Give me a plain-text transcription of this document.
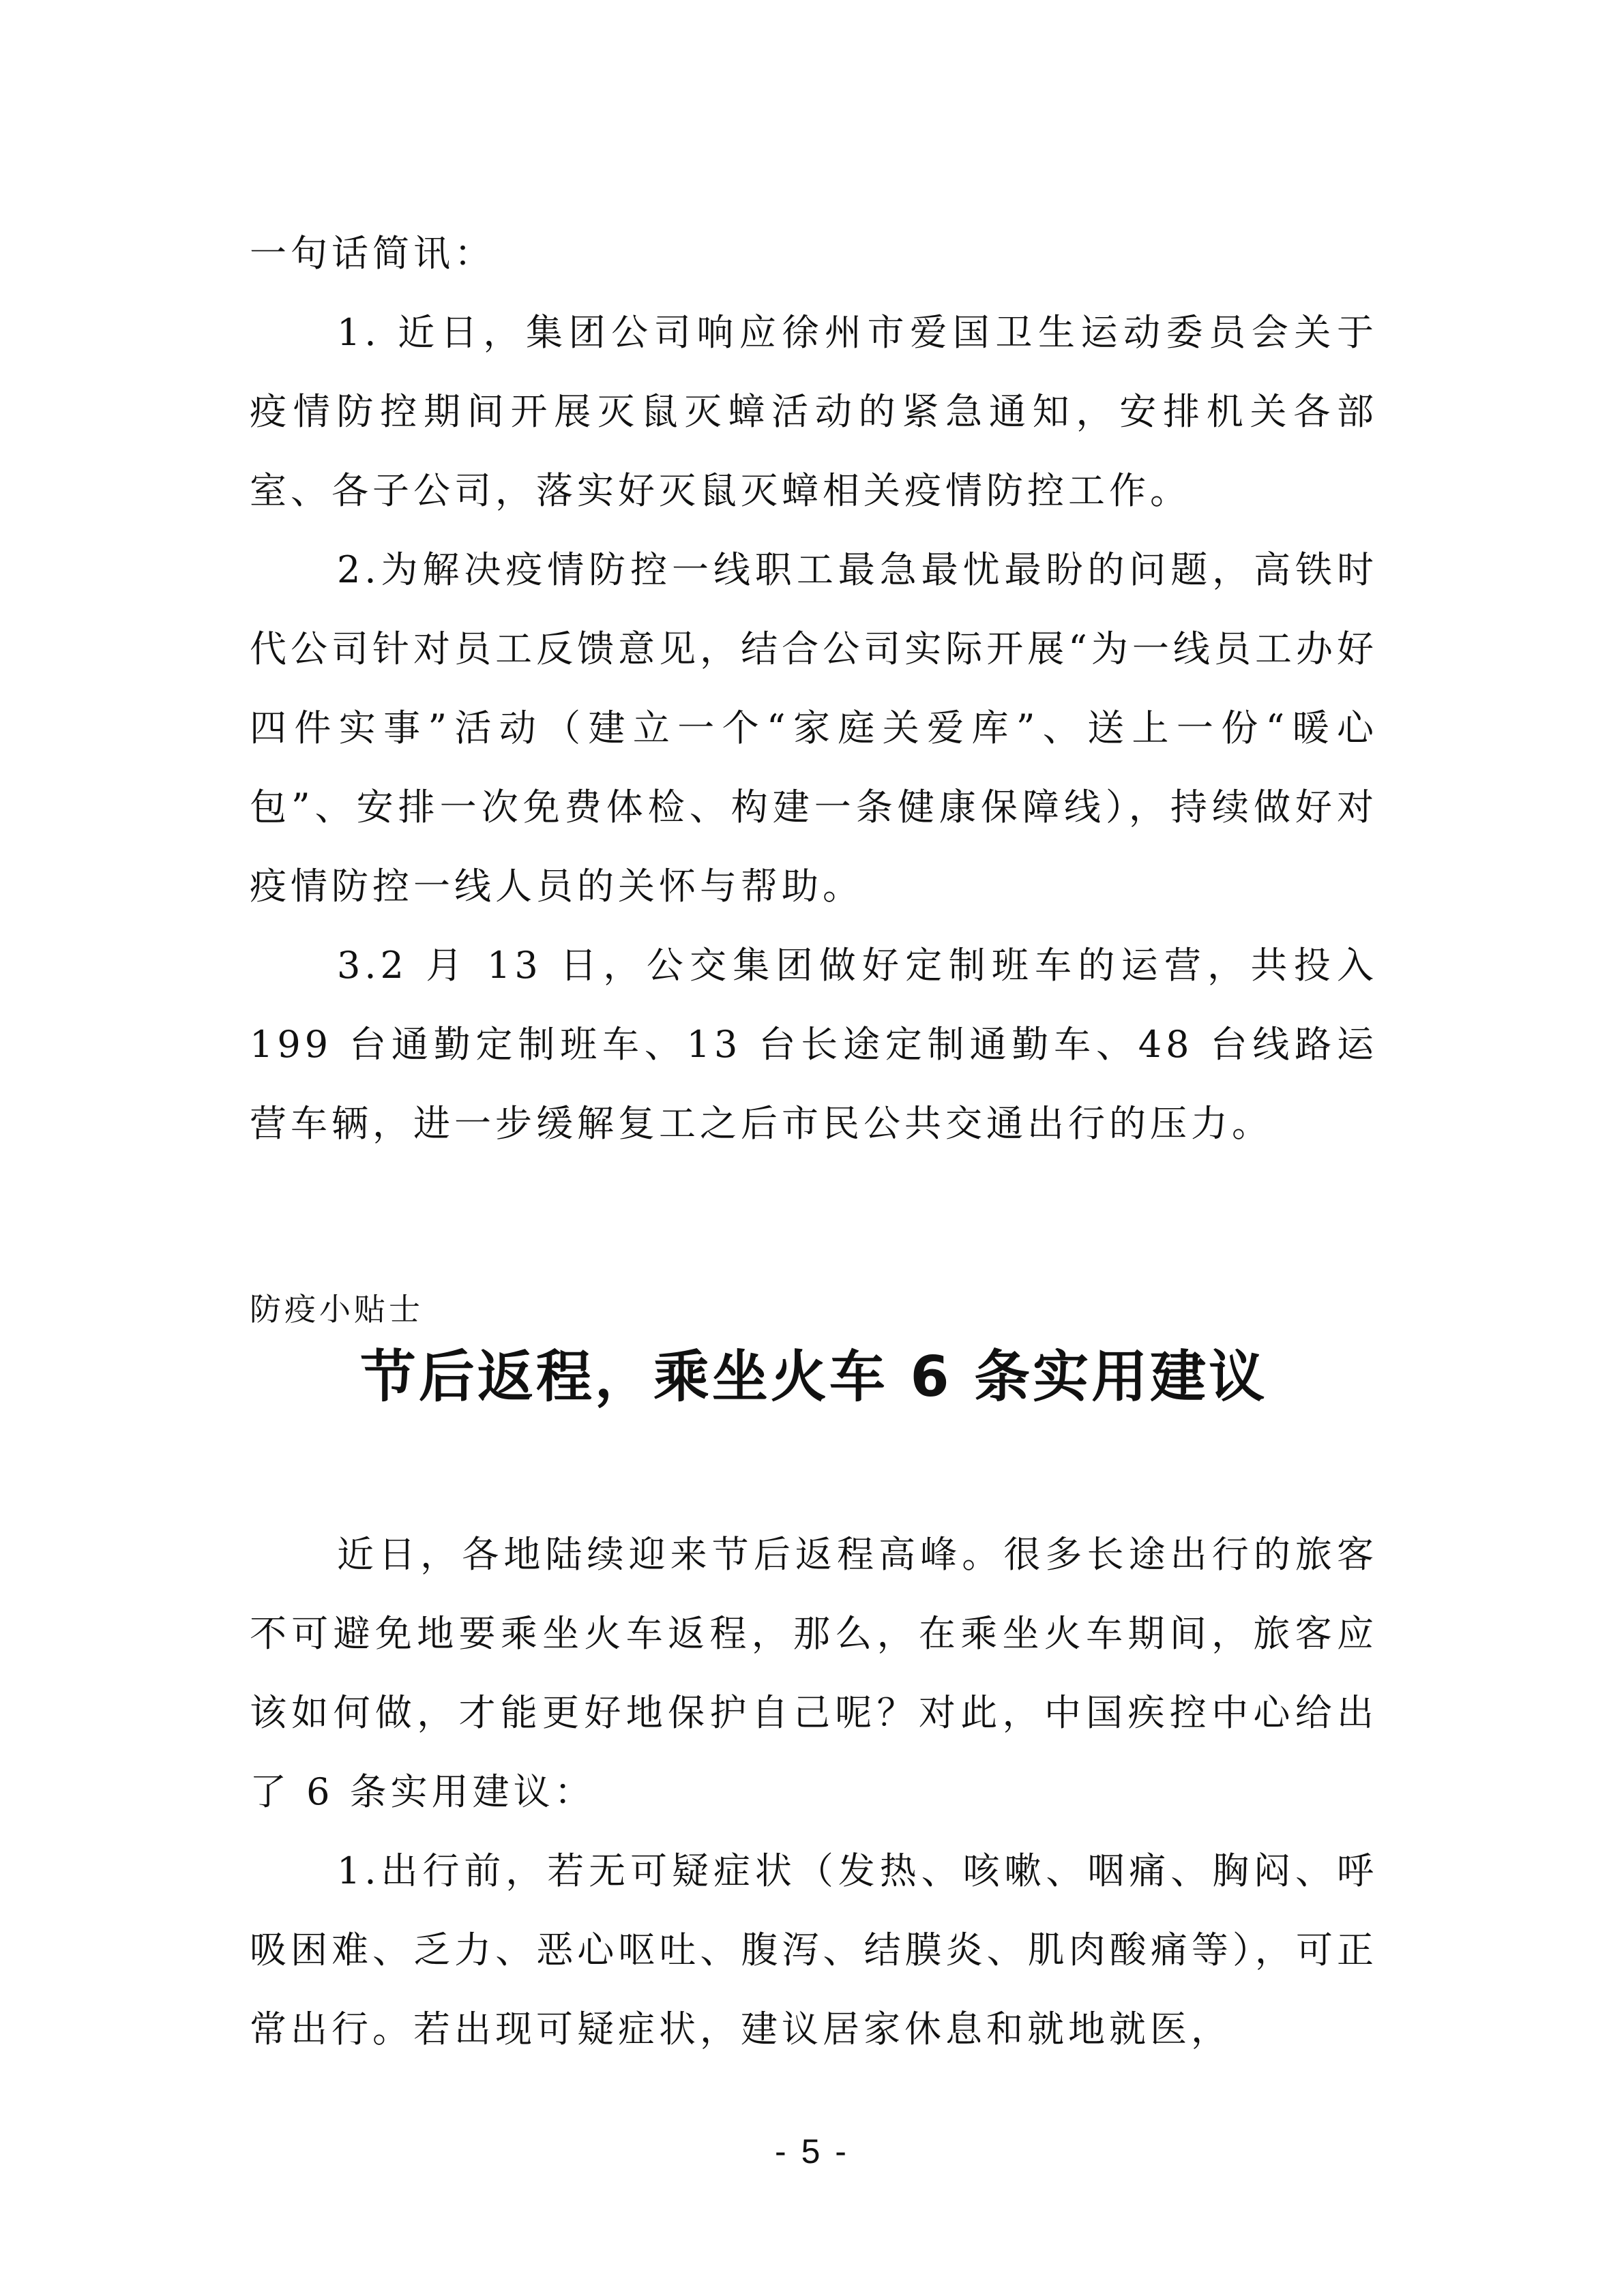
一句话简讯：

1. 近日，集团公司响应徐州市爱国卫生运动委员会关于疫情防控期间开展灭鼠灭蟑活动的紧急通知，安排机关各部室、各子公司，落实好灭鼠灭蟑相关疫情防控工作。

2.为解决疫情防控一线职工最急最忧最盼的问题，高铁时代公司针对员工反馈意见，结合公司实际开展“为一线员工办好四件实事”活动（建立一个“家庭关爱库”、送上一份“暖心包”、安排一次免费体检、构建一条健康保障线），持续做好对疫情防控一线人员的关怀与帮助。

3.2 月 13 日，公交集团做好定制班车的运营，共投入 199 台通勤定制班车、13 台长途定制通勤车、48 台线路运营车辆，进一步缓解复工之后市民公共交通出行的压力。

防疫小贴士

节后返程，乘坐火车 6 条实用建议

近日，各地陆续迎来节后返程高峰。很多长途出行的旅客不可避免地要乘坐火车返程，那么，在乘坐火车期间，旅客应该如何做，才能更好地保护自己呢？对此，中国疾控中心给出了 6 条实用建议：

1.出行前，若无可疑症状（发热、咳嗽、咽痛、胸闷、呼吸困难、乏力、恶心呕吐、腹泻、结膜炎、肌肉酸痛等），可正常出行。若出现可疑症状，建议居家休息和就地就医，

- 5 -
